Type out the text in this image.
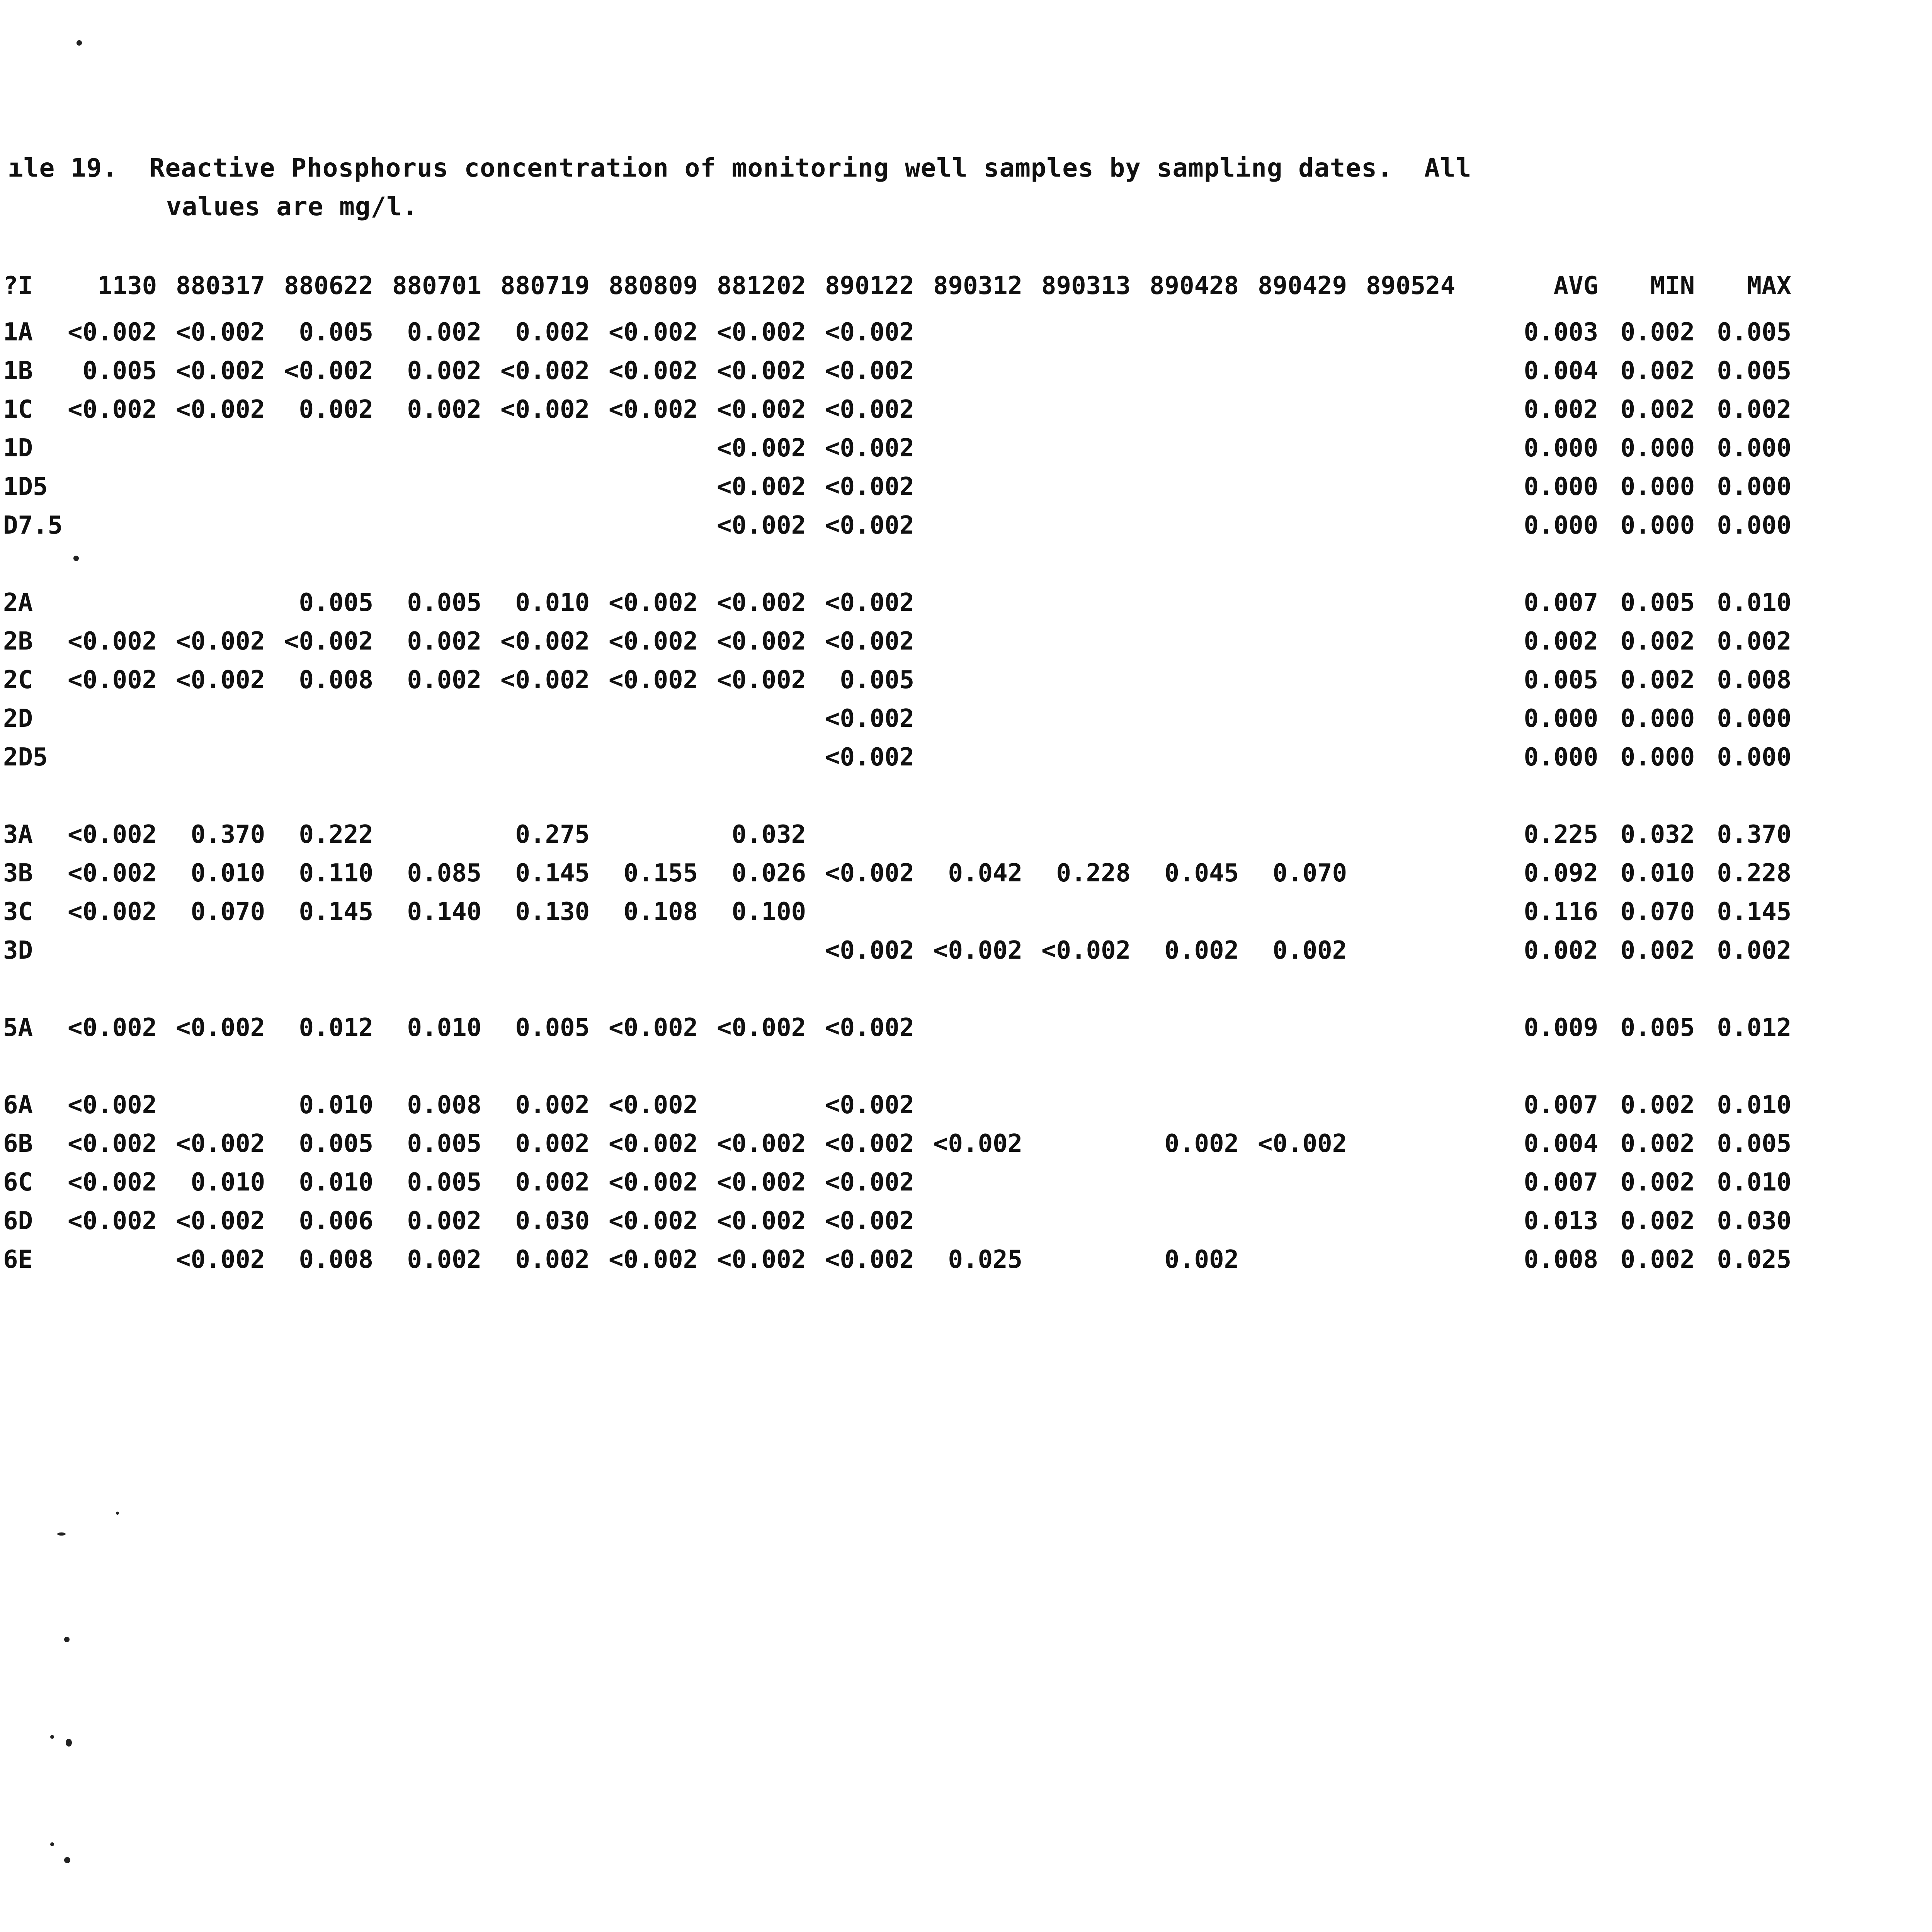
ıle 19.  Reactive Phosphorus concentration of monitoring well samples by sampling dates.  All
values are mg/l.
?I	1130	880317	880622	880701	880719	880809	881202	890122	890312	890313	890428	890429	890524	AVG	MIN	MAX
1A	<0.002	<0.002	0.005	0.002	0.002	<0.002	<0.002	<0.002						0.003	0.002	0.005
1B	0.005	<0.002	<0.002	0.002	<0.002	<0.002	<0.002	<0.002						0.004	0.002	0.005
1C	<0.002	<0.002	0.002	0.002	<0.002	<0.002	<0.002	<0.002						0.002	0.002	0.002
1D							<0.002	<0.002						0.000	0.000	0.000
1D5							<0.002	<0.002						0.000	0.000	0.000
D7.5							<0.002	<0.002						0.000	0.000	0.000

2A			0.005	0.005	0.010	<0.002	<0.002	<0.002						0.007	0.005	0.010
2B	<0.002	<0.002	<0.002	0.002	<0.002	<0.002	<0.002	<0.002						0.002	0.002	0.002
2C	<0.002	<0.002	0.008	0.002	<0.002	<0.002	<0.002	0.005						0.005	0.002	0.008
2D								<0.002						0.000	0.000	0.000
2D5								<0.002						0.000	0.000	0.000

3A	<0.002	0.370	0.222		0.275		0.032							0.225	0.032	0.370
3B	<0.002	0.010	0.110	0.085	0.145	0.155	0.026	<0.002	0.042	0.228	0.045	0.070		0.092	0.010	0.228
3C	<0.002	0.070	0.145	0.140	0.130	0.108	0.100							0.116	0.070	0.145
3D								<0.002	<0.002	<0.002	0.002	0.002		0.002	0.002	0.002

5A	<0.002	<0.002	0.012	0.010	0.005	<0.002	<0.002	<0.002						0.009	0.005	0.012

6A	<0.002		0.010	0.008	0.002	<0.002		<0.002						0.007	0.002	0.010
6B	<0.002	<0.002	0.005	0.005	0.002	<0.002	<0.002	<0.002	<0.002		0.002	<0.002		0.004	0.002	0.005
6C	<0.002	0.010	0.010	0.005	0.002	<0.002	<0.002	<0.002						0.007	0.002	0.010
6D	<0.002	<0.002	0.006	0.002	0.030	<0.002	<0.002	<0.002						0.013	0.002	0.030
6E		<0.002	0.008	0.002	0.002	<0.002	<0.002	<0.002	0.025		0.002			0.008	0.002	0.025
